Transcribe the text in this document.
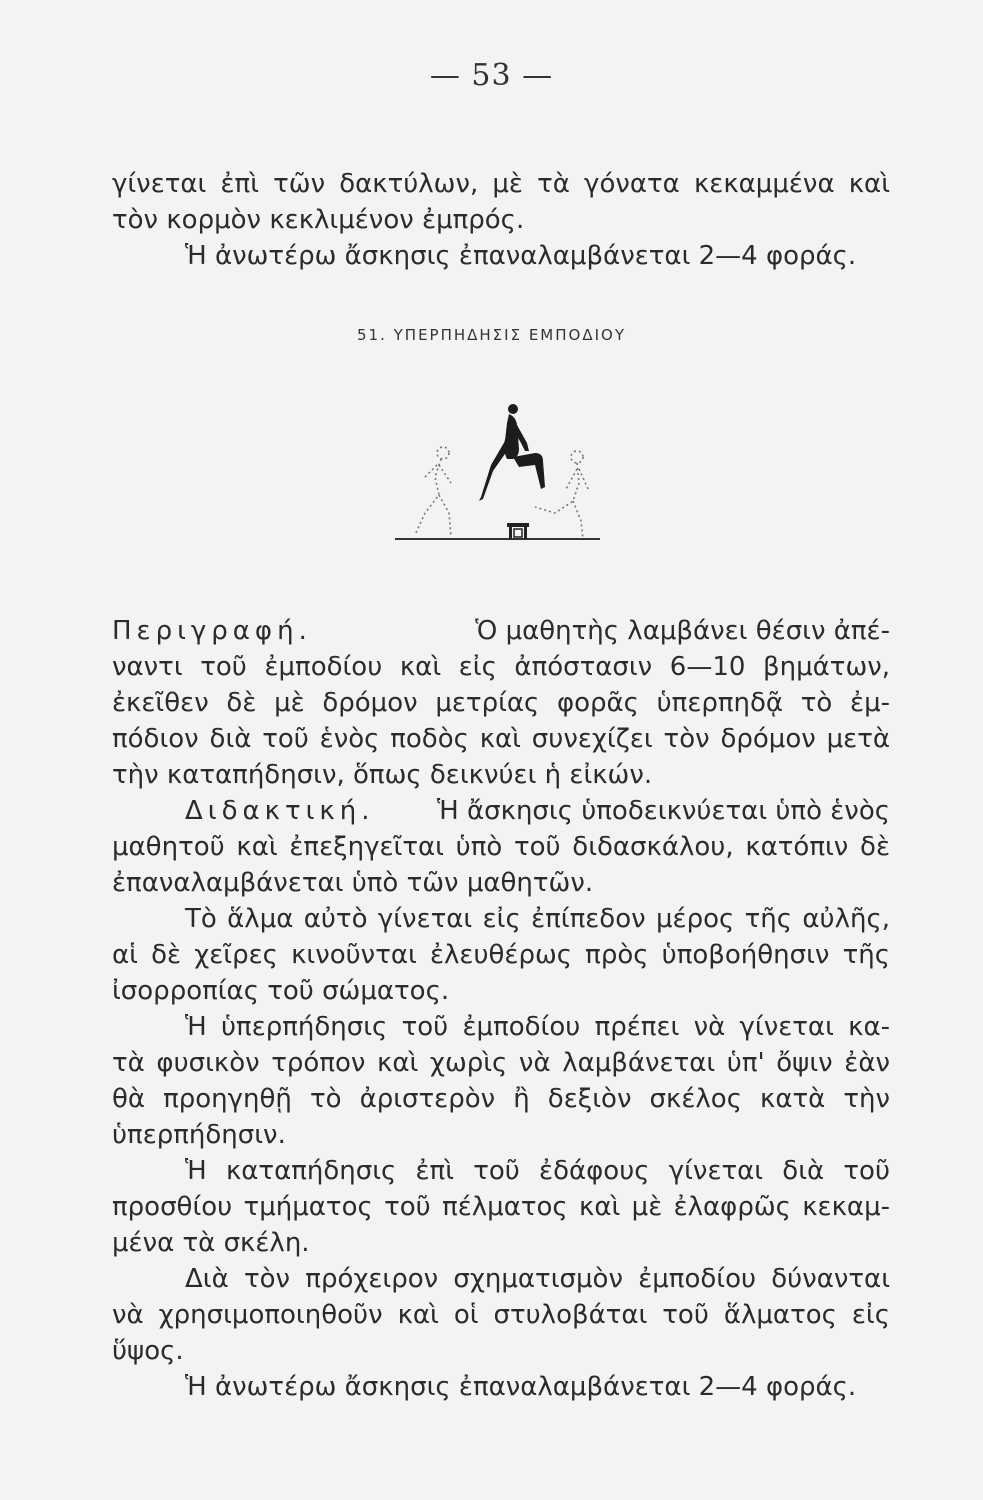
— 53 —
γίνεται ἐπὶ τῶν δακτύλων, μὲ τὰ γόνατα κεκαμμένα καὶ
τὸν κορμὸν κεκλιμένον ἐμπρός.
Ἡ ἀνωτέρω ἄσκησις ἐπαναλαμβάνεται 2—4 φοράς.
51. ΥΠΕΡΠΗΔΗΣΙΣ ΕΜΠΟΔΙΟΥ
Περιγραφή.	Ὁ μαθητὴς λαμβάνει θέσιν ἀπέ-
ναντι τοῦ ἐμποδίου καὶ εἰς ἀπόστασιν 6—10 βημάτων,
ἐκεῖθεν δὲ μὲ δρόμον μετρίας φορᾶς ὑπερπηδᾷ τὸ ἐμ-
πόδιον διὰ τοῦ ἑνὸς ποδὸς καὶ συνεχίζει τὸν δρόμον μετὰ
τὴν καταπήδησιν, ὅπως δεικνύει ἡ εἰκών.
Διδακτική. Ἡ ἄσκησις ὑποδεικνύεται ὑπὸ ἑνὸς
μαθητοῦ καὶ ἐπεξηγεῖται ὑπὸ τοῦ διδασκάλου, κατόπιν δὲ
ἐπαναλαμβάνεται ὑπὸ τῶν μαθητῶν.
Τὸ ἅλμα αὐτὸ γίνεται εἰς ἐπίπεδον μέρος τῆς αὐλῆς,
αἱ δὲ χεῖρες κινοῦνται ἐλευθέρως πρὸς ὑποβοήθησιν τῆς
ἰσορροπίας τοῦ σώματος.
Ἡ ὑπερπήδησις τοῦ ἐμποδίου πρέπει νὰ γίνεται κα-
τὰ φυσικὸν τρόπον καὶ χωρὶς νὰ λαμβάνεται ὑπ' ὄψιν ἐὰν
θὰ προηγηθῇ τὸ ἀριστερὸν ἢ δεξιὸν σκέλος κατὰ τὴν
ὑπερπήδησιν.
Ἡ καταπήδησις ἐπὶ τοῦ ἐδάφους γίνεται διὰ τοῦ
προσθίου τμήματος τοῦ πέλματος καὶ μὲ ἐλαφρῶς κεκαμ-
μένα τὰ σκέλη.
Διὰ τὸν πρόχειρον σχηματισμὸν ἐμποδίου δύνανται
νὰ χρησιμοποιηθοῦν καὶ οἱ στυλοβάται τοῦ ἅλματος εἰς
ὕψος.
Ἡ ἀνωτέρω ἄσκησις ἐπαναλαμβάνεται 2—4 φοράς.
